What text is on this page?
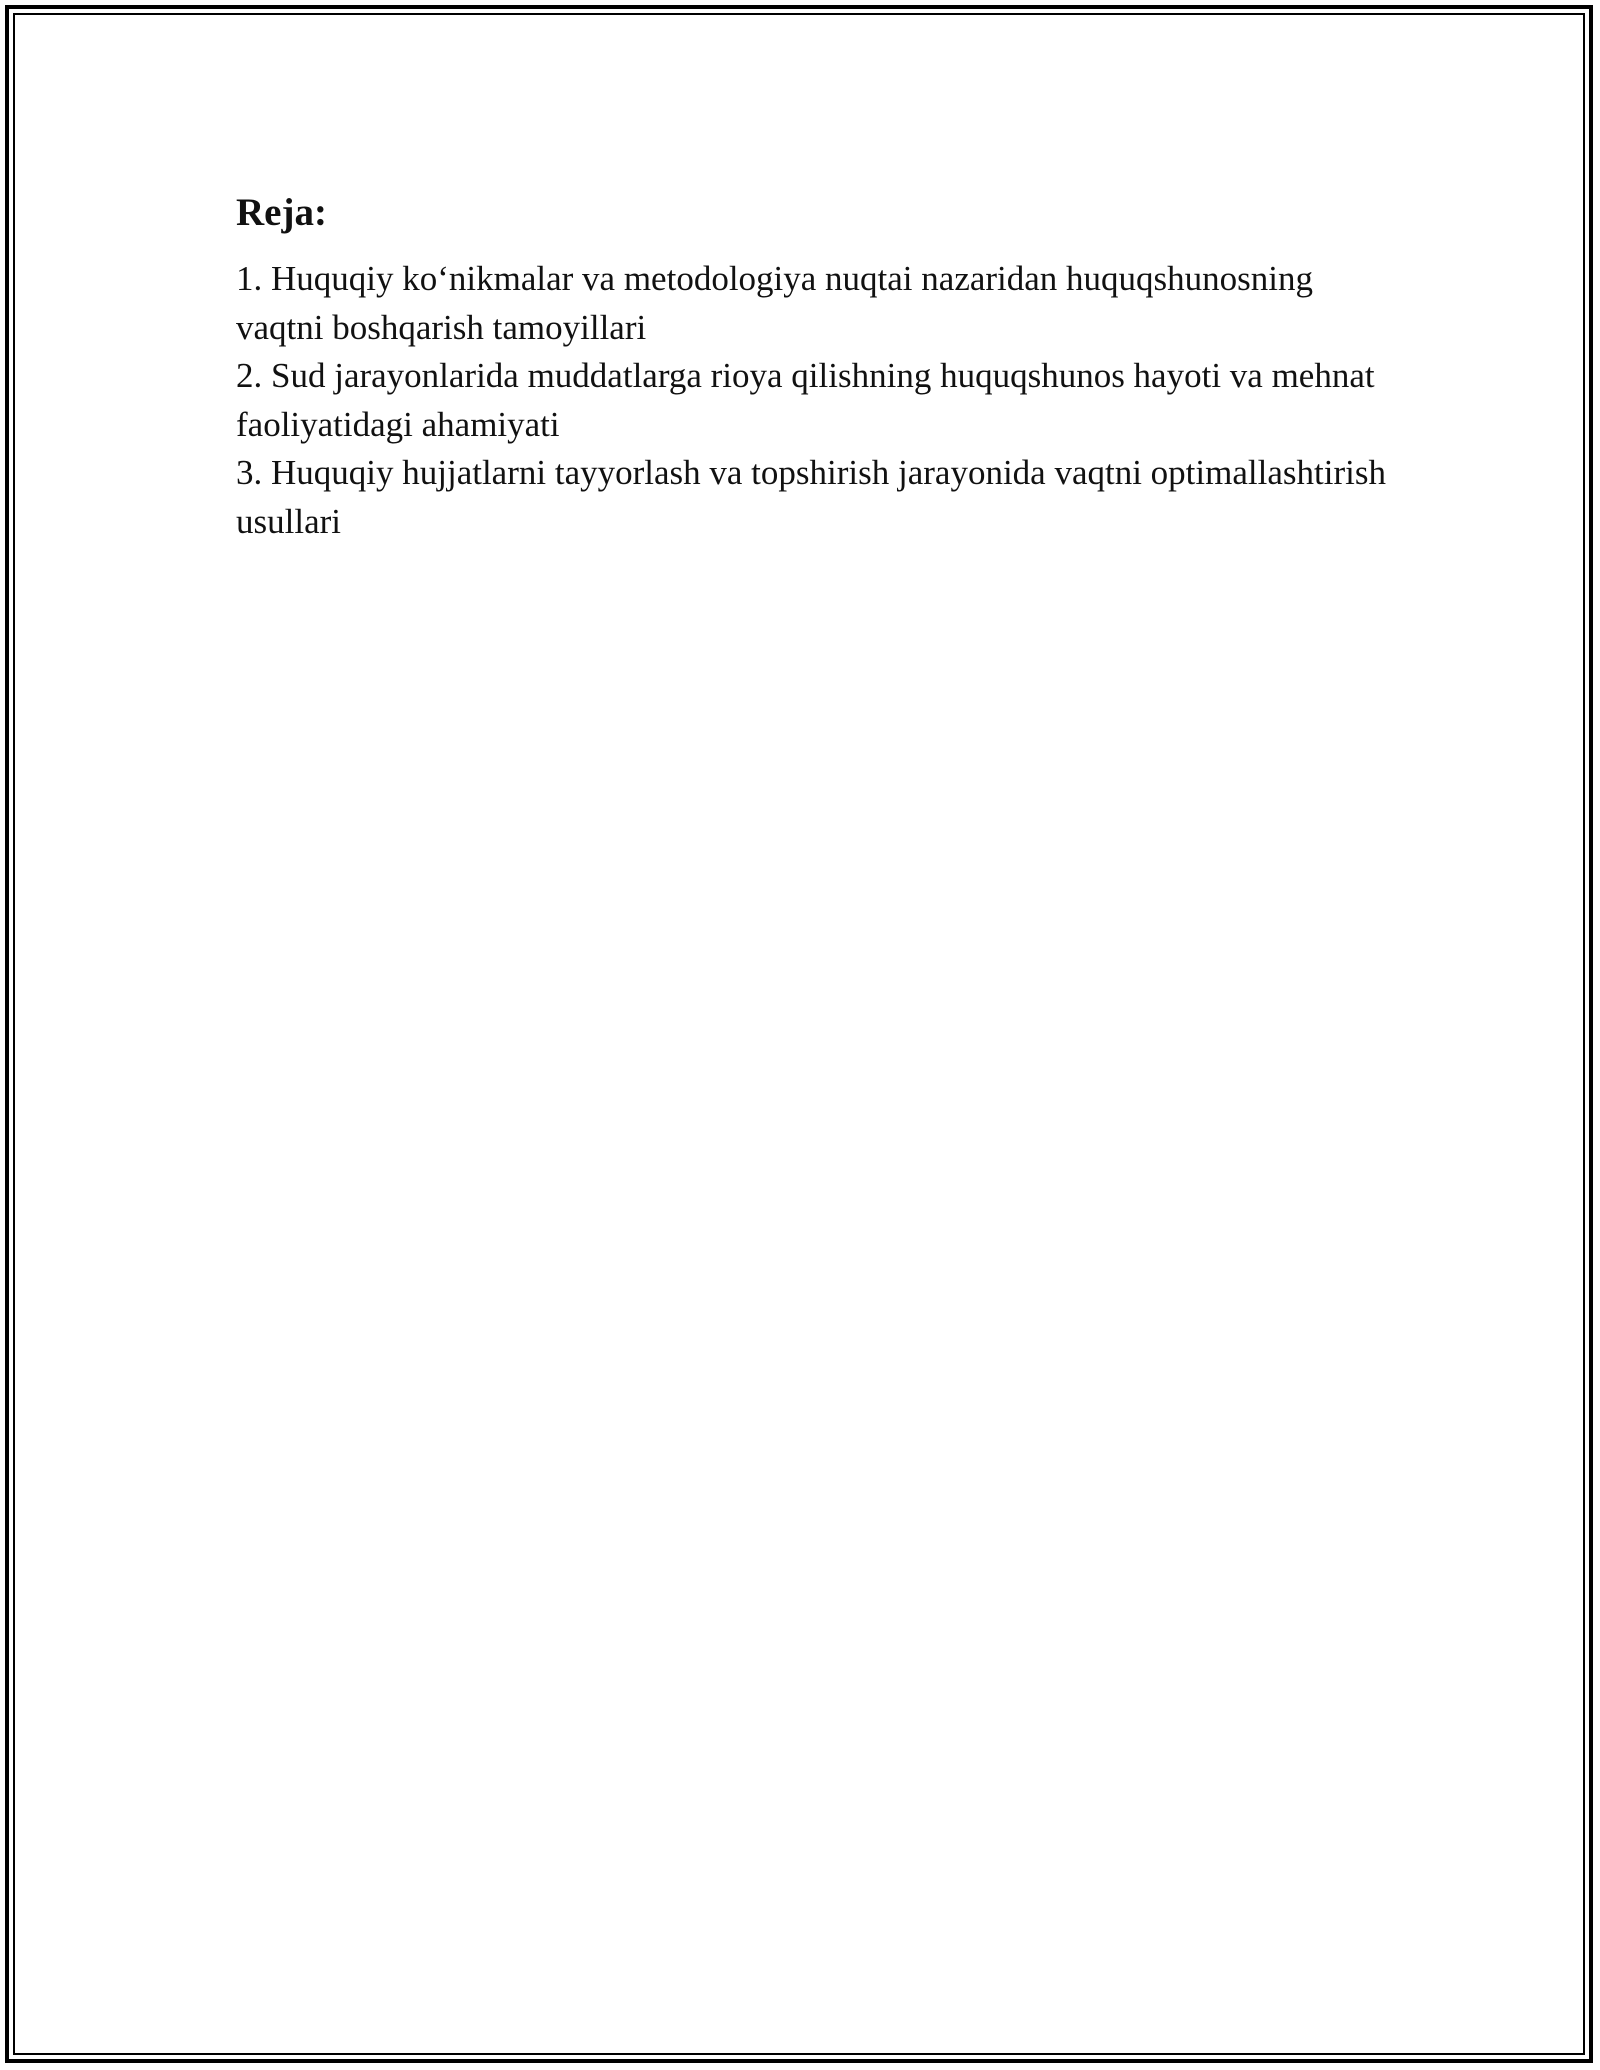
Reja:
1. Huquqiy ko‘nikmalar va metodologiya nuqtai nazaridan huquqshunosning vaqtni boshqarish tamoyillari
2. Sud jarayonlarida muddatlarga rioya qilishning huquqshunos hayoti va mehnat faoliyatidagi ahamiyati
3. Huquqiy hujjatlarni tayyorlash va topshirish jarayonida vaqtni optimallashtirish usullari
